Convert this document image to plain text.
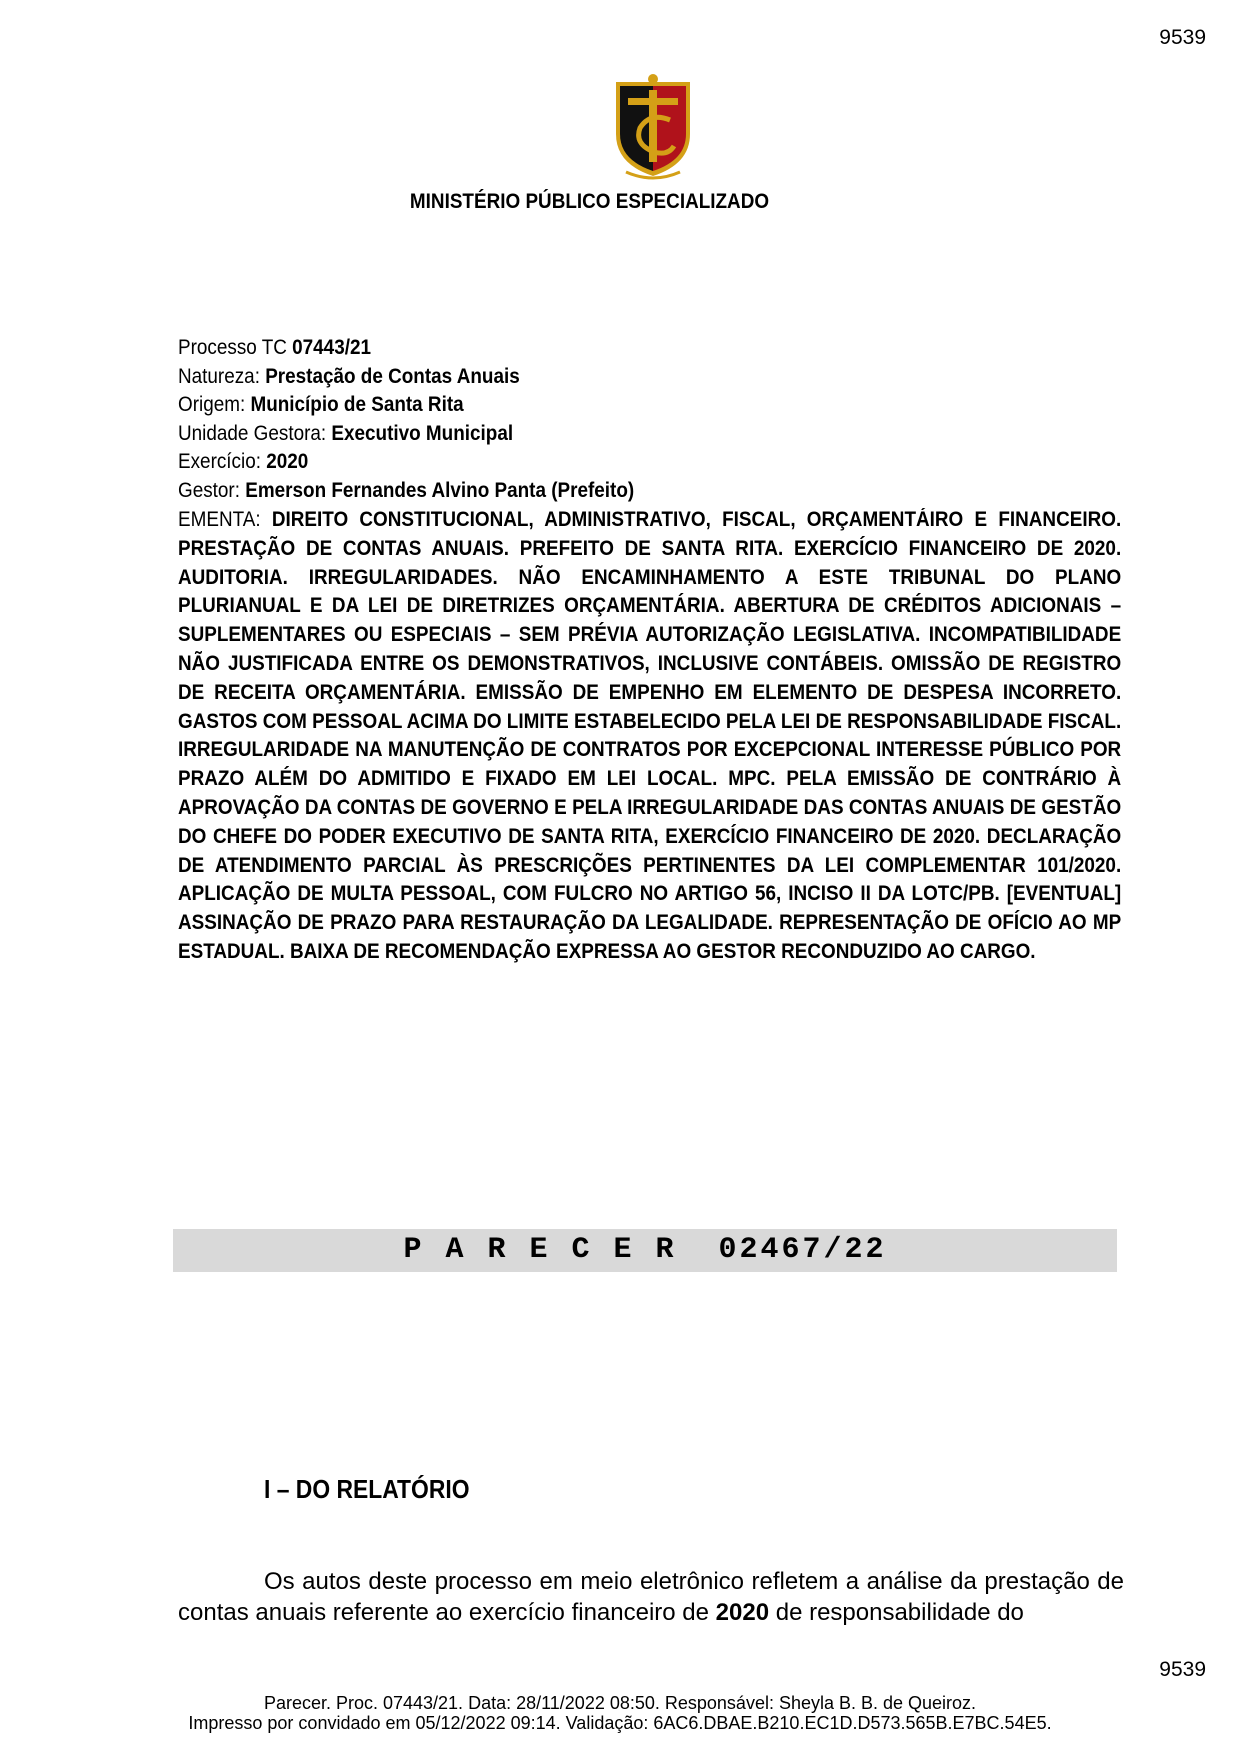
9539
MINISTÉRIO PÚBLICO ESPECIALIZADO
Processo TC 07443/21
Natureza: Prestação de Contas Anuais
Origem: Município de Santa Rita
Unidade Gestora: Executivo Municipal
Exercício: 2020
Gestor: Emerson Fernandes Alvino Panta (Prefeito)
EMENTA: DIREITO CONSTITUCIONAL, ADMINISTRATIVO, FISCAL, ORÇAMENTÁIRO E FINANCEIRO. PRESTAÇÃO DE CONTAS ANUAIS. PREFEITO DE SANTA RITA. EXERCÍCIO FINANCEIRO DE 2020. AUDITORIA. IRREGULARIDADES. NÃO ENCAMINHAMENTO A ESTE TRIBUNAL DO PLANO PLURIANUAL E DA LEI DE DIRETRIZES ORÇAMENTÁRIA. ABERTURA DE CRÉDITOS ADICIONAIS – SUPLEMENTARES OU ESPECIAIS – SEM PRÉVIA AUTORIZAÇÃO LEGISLATIVA. INCOMPATIBILIDADE NÃO JUSTIFICADA ENTRE OS DEMONSTRATIVOS, INCLUSIVE CONTÁBEIS. OMISSÃO DE REGISTRO DE RECEITA ORÇAMENTÁRIA. EMISSÃO DE EMPENHO EM ELEMENTO DE DESPESA INCORRETO. GASTOS COM PESSOAL ACIMA DO LIMITE ESTABELECIDO PELA LEI DE RESPONSABILIDADE FISCAL. IRREGULARIDADE NA MANUTENÇÃO DE CONTRATOS POR EXCEPCIONAL INTERESSE PÚBLICO POR PRAZO ALÉM DO ADMITIDO E FIXADO EM LEI LOCAL. MPC. PELA EMISSÃO DE CONTRÁRIO À APROVAÇÃO DA CONTAS DE GOVERNO E PELA IRREGULARIDADE DAS CONTAS ANUAIS DE GESTÃO DO CHEFE DO PODER EXECUTIVO DE SANTA RITA, EXERCÍCIO FINANCEIRO DE 2020. DECLARAÇÃO DE ATENDIMENTO PARCIAL ÀS PRESCRIÇÕES PERTINENTES DA LEI COMPLEMENTAR 101/2020. APLICAÇÃO DE MULTA PESSOAL, COM FULCRO NO ARTIGO 56, INCISO II DA LOTC/PB. [EVENTUAL] ASSINAÇÃO DE PRAZO PARA RESTAURAÇÃO DA LEGALIDADE. REPRESENTAÇÃO DE OFÍCIO AO MP ESTADUAL. BAIXA DE RECOMENDAÇÃO EXPRESSA AO GESTOR RECONDUZIDO AO CARGO.
PARECER 02467/22
I – DO RELATÓRIO
Os autos deste processo em meio eletrônico refletem a análise da prestação de contas anuais referente ao exercício financeiro de 2020 de responsabilidade do
9539
Parecer. Proc. 07443/21. Data: 28/11/2022 08:50. Responsável: Sheyla B. B. de Queiroz.
Impresso por convidado em 05/12/2022 09:14. Validação: 6AC6.DBAE.B210.EC1D.D573.565B.E7BC.54E5.
